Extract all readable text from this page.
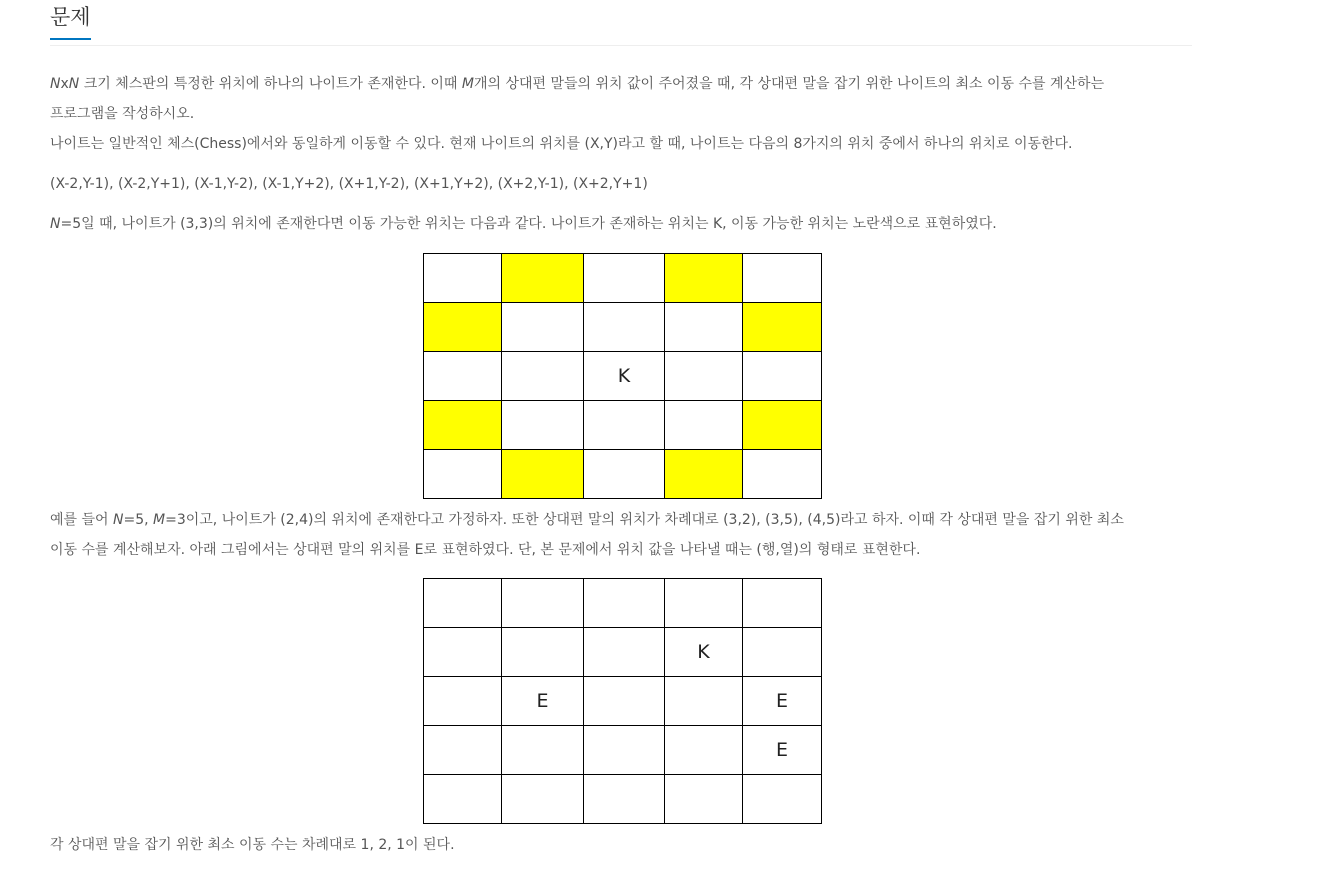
문제

NxN 크기 체스판의 특정한 위치에 하나의 나이트가 존재한다. 이때 M개의 상대편 말들의 위치 값이 주어졌을 때, 각 상대편 말을 잡기 위한 나이트의 최소 이동 수를 계산하는

프로그램을 작성하시오.

나이트는 일반적인 체스(Chess)에서와 동일하게 이동할 수 있다. 현재 나이트의 위치를 (X,Y)라고 할 때, 나이트는 다음의 8가지의 위치 중에서 하나의 위치로 이동한다.

(X-2,Y-1), (X-2,Y+1), (X-1,Y-2), (X-1,Y+2), (X+1,Y-2), (X+1,Y+2), (X+2,Y-1), (X+2,Y+1)

N=5일 때, 나이트가 (3,3)의 위치에 존재한다면 이동 가능한 위치는 다음과 같다. 나이트가 존재하는 위치는 K, 이동 가능한 위치는 노란색으로 표현하였다.

		K		

예를 들어 N=5, M=3이고, 나이트가 (2,4)의 위치에 존재한다고 가정하자. 또한 상대편 말의 위치가 차례대로 (3,2), (3,5), (4,5)라고 하자. 이때 각 상대편 말을 잡기 위한 최소

이동 수를 계산해보자. 아래 그림에서는 상대편 말의 위치를 E로 표현하였다. 단, 본 문제에서 위치 값을 나타낼 때는 (행,열)의 형태로 표현한다.

			K	
	E			E
				E

각 상대편 말을 잡기 위한 최소 이동 수는 차례대로 1, 2, 1이 된다.
